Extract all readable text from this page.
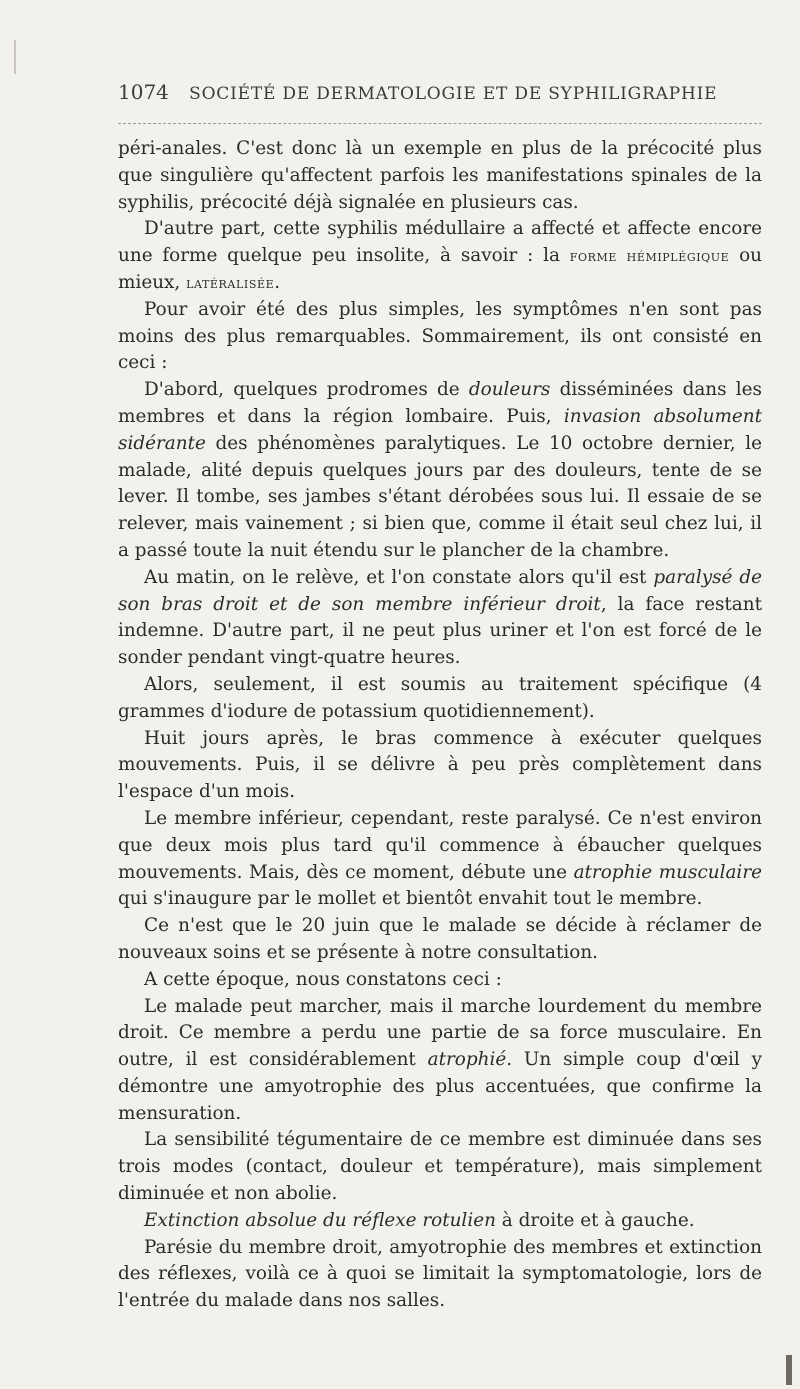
1074 SOCIÉTÉ DE DERMATOLOGIE ET DE SYPHILIGRAPHIE

péri-anales. C'est donc là un exemple en plus de la précocité plus que singulière qu'affectent parfois les manifestations spinales de la syphilis, précocité déjà signalée en plusieurs cas.

D'autre part, cette syphilis médullaire a affecté et affecte encore une forme quelque peu insolite, à savoir : la forme hémiplégique ou mieux, latéralisée.

Pour avoir été des plus simples, les symptômes n'en sont pas moins des plus remarquables. Sommairement, ils ont consisté en ceci :

D'abord, quelques prodromes de douleurs disséminées dans les membres et dans la région lombaire. Puis, invasion absolument sidérante des phénomènes paralytiques. Le 10 octobre dernier, le malade, alité depuis quelques jours par des douleurs, tente de se lever. Il tombe, ses jambes s'étant dérobées sous lui. Il essaie de se relever, mais vainement ; si bien que, comme il était seul chez lui, il a passé toute la nuit étendu sur le plancher de la chambre.

Au matin, on le relève, et l'on constate alors qu'il est paralysé de son bras droit et de son membre inférieur droit, la face restant indemne. D'autre part, il ne peut plus uriner et l'on est forcé de le sonder pendant vingt-quatre heures.

Alors, seulement, il est soumis au traitement spécifique (4 grammes d'iodure de potassium quotidiennement).

Huit jours après, le bras commence à exécuter quelques mouvements. Puis, il se délivre à peu près complètement dans l'espace d'un mois.

Le membre inférieur, cependant, reste paralysé. Ce n'est environ que deux mois plus tard qu'il commence à ébaucher quelques mouvements. Mais, dès ce moment, débute une atrophie musculaire qui s'inaugure par le mollet et bientôt envahit tout le membre.

Ce n'est que le 20 juin que le malade se décide à réclamer de nouveaux soins et se présente à notre consultation.

A cette époque, nous constatons ceci :

Le malade peut marcher, mais il marche lourdement du membre droit. Ce membre a perdu une partie de sa force musculaire. En outre, il est considérablement atrophié. Un simple coup d'œil y démontre une amyotrophie des plus accentuées, que confirme la mensuration.

La sensibilité tégumentaire de ce membre est diminuée dans ses trois modes (contact, douleur et température), mais simplement diminuée et non abolie.

Extinction absolue du réflexe rotulien à droite et à gauche.

Parésie du membre droit, amyotrophie des membres et extinction des réflexes, voilà ce à quoi se limitait la symptomatologie, lors de l'entrée du malade dans nos salles.
